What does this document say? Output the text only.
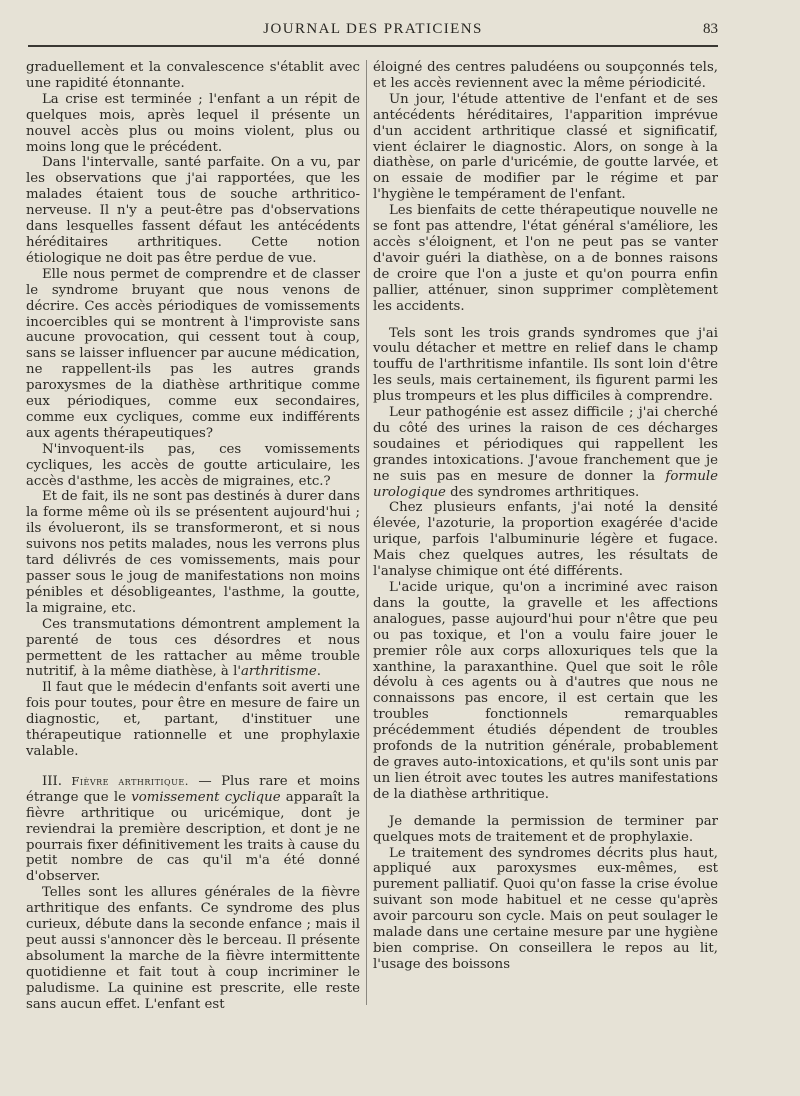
JOURNAL DES PRATICIENS	83

graduellement et la convalescence s'établit avec une rapidité étonnante.

La crise est terminée ; l'enfant a un répit de quelques mois, après lequel il présente un nouvel accès plus ou moins violent, plus ou moins long que le précédent.

Dans l'intervalle, santé parfaite. On a vu, par les observations que j'ai rapportées, que les malades étaient tous de souche arthritico-nerveuse. Il n'y a peut-être pas d'observations dans lesquelles fassent défaut les antécédents héréditaires arthritiques. Cette notion étiologique ne doit pas être perdue de vue.

Elle nous permet de comprendre et de classer le syndrome bruyant que nous venons de décrire. Ces accès périodiques de vomissements incoercibles qui se montrent à l'improviste sans aucune provocation, qui cessent tout à coup, sans se laisser influencer par aucune médication, ne rappellent-ils pas les autres grands paroxysmes de la diathèse arthritique comme eux périodiques, comme eux secondaires, comme eux cycliques, comme eux indifférents aux agents thérapeutiques?

N'invoquent-ils pas, ces vomissements cycliques, les accès de goutte articulaire, les accès d'asthme, les accès de migraines, etc.?

Et de fait, ils ne sont pas destinés à durer dans la forme même où ils se présentent aujourd'hui ; ils évolueront, ils se transformeront, et si nous suivons nos petits malades, nous les verrons plus tard délivrés de ces vomissements, mais pour passer sous le joug de manifestations non moins pénibles et désobligeantes, l'asthme, la goutte, la migraine, etc.

Ces transmutations démontrent amplement la parenté de tous ces désordres et nous permettent de les rattacher au même trouble nutritif, à la même diathèse, à l'arthritisme.

Il faut que le médecin d'enfants soit averti une fois pour toutes, pour être en mesure de faire un diagnostic, et, partant, d'instituer une thérapeutique rationnelle et une prophylaxie valable.

III. Fièvre arthritique. — Plus rare et moins étrange que le vomissement cyclique apparaît la fièvre arthritique ou uricémique, dont je reviendrai la première description, et dont je ne pourrais fixer définitivement les traits à cause du petit nombre de cas qu'il m'a été donné d'observer.

Telles sont les allures générales de la fièvre arthritique des enfants. Ce syndrome des plus curieux, débute dans la seconde enfance ; mais il peut aussi s'annoncer dès le berceau. Il présente absolument la marche de la fièvre intermittente quotidienne et fait tout à coup incriminer le paludisme. La quinine est prescrite, elle reste sans aucun effet. L'enfant est

éloigné des centres paludéens ou soupçonnés tels, et les accès reviennent avec la même périodicité.

Un jour, l'étude attentive de l'enfant et de ses antécédents héréditaires, l'apparition imprévue d'un accident arthritique classé et significatif, vient éclairer le diagnostic. Alors, on songe à la diathèse, on parle d'uricémie, de goutte larvée, et on essaie de modifier par le régime et par l'hygiène le tempérament de l'enfant.

Les bienfaits de cette thérapeutique nouvelle ne se font pas attendre, l'état général s'améliore, les accès s'éloignent, et l'on ne peut pas se vanter d'avoir guéri la diathèse, on a de bonnes raisons de croire que l'on a juste et qu'on pourra enfin pallier, atténuer, sinon supprimer complètement les accidents.

Tels sont les trois grands syndromes que j'ai voulu détacher et mettre en relief dans le champ touffu de l'arthritisme infantile. Ils sont loin d'être les seuls, mais certainement, ils figurent parmi les plus trompeurs et les plus difficiles à comprendre.

Leur pathogénie est assez difficile ; j'ai cherché du côté des urines la raison de ces décharges soudaines et périodiques qui rappellent les grandes intoxications. J'avoue franchement que je ne suis pas en mesure de donner la formule urologique des syndromes arthritiques.

Chez plusieurs enfants, j'ai noté la densité élevée, l'azoturie, la proportion exagérée d'acide urique, parfois l'albuminurie légère et fugace. Mais chez quelques autres, les résultats de l'analyse chimique ont été différents.

L'acide urique, qu'on a incriminé avec raison dans la goutte, la gravelle et les affections analogues, passe aujourd'hui pour n'être que peu ou pas toxique, et l'on a voulu faire jouer le premier rôle aux corps alloxuriques tels que la xanthine, la paraxanthine. Quel que soit le rôle dévolu à ces agents ou à d'autres que nous ne connaissons pas encore, il est certain que les troubles fonctionnels remarquables précédemment étudiés dépendent de troubles profonds de la nutrition générale, probablement de graves auto-intoxications, et qu'ils sont unis par un lien étroit avec toutes les autres manifestations de la diathèse arthritique.

Je demande la permission de terminer par quelques mots de traitement et de prophylaxie.

Le traitement des syndromes décrits plus haut, appliqué aux paroxysmes eux-mêmes, est purement palliatif. Quoi qu'on fasse la crise évolue suivant son mode habituel et ne cesse qu'après avoir parcouru son cycle. Mais on peut soulager le malade dans une certaine mesure par une hygiène bien comprise. On conseillera le repos au lit, l'usage des boissons
